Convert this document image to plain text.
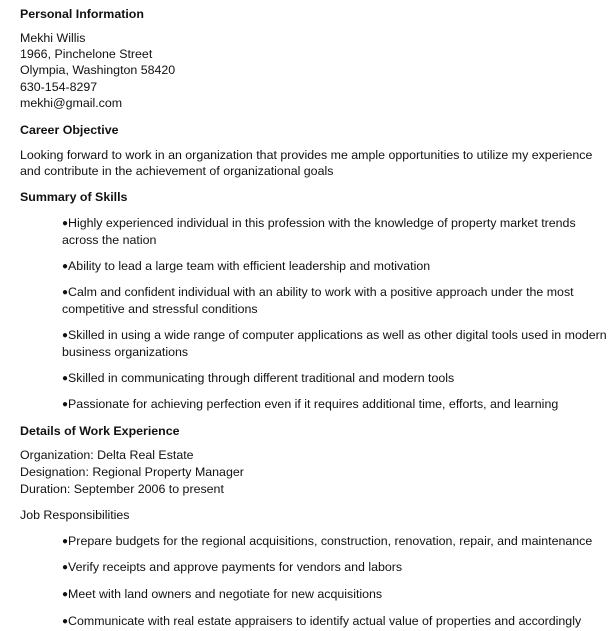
Personal Information
Mekhi Willis
1966, Pinchelone Street
Olympia, Washington 58420
630-154-8297
mekhi@gmail.com
Career Objective
Looking forward to work in an organization that provides me ample opportunities to utilize my experience
and contribute in the achievement of organizational goals
Summary of Skills
●Highly experienced individual in this profession with the knowledge of property market trends across the nation
●Ability to lead a large team with efficient leadership and motivation
●Calm and confident individual with an ability to work with a positive approach under the most competitive and stressful conditions
●Skilled in using a wide range of computer applications as well as other digital tools used in modern business organizations
●Skilled in communicating through different traditional and modern tools
●Passionate for achieving perfection even if it requires additional time, efforts, and learning
Details of Work Experience
Organization: Delta Real Estate
Designation: Regional Property Manager
Duration: September 2006 to present
Job Responsibilities
●Prepare budgets for the regional acquisitions, construction, renovation, repair, and maintenance
●Verify receipts and approve payments for vendors and labors
●Meet with land owners and negotiate for new acquisitions
●Communicate with real estate appraisers to identify actual value of properties and accordingly
